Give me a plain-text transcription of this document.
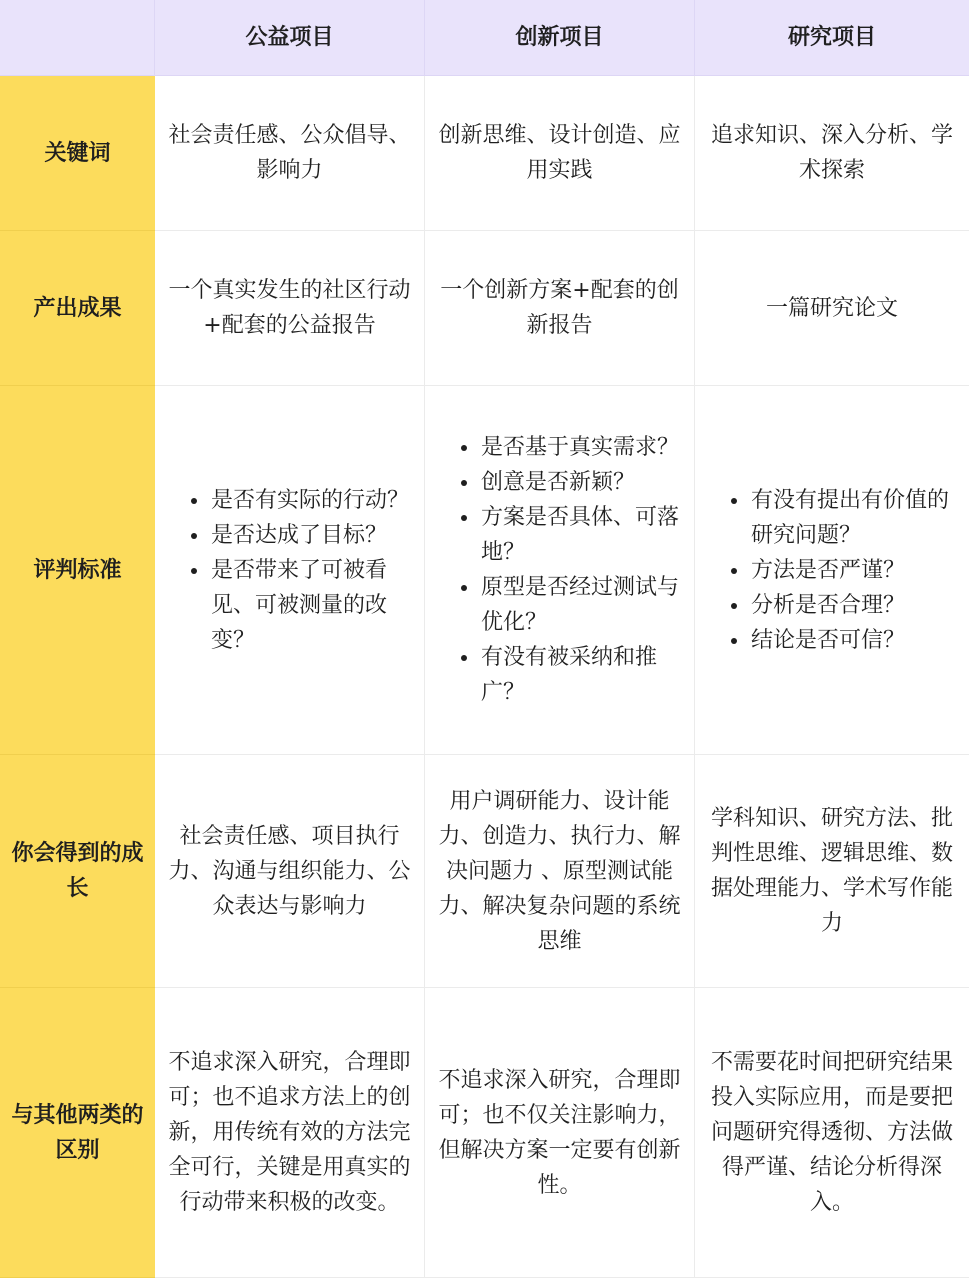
公益项目	创新项目	研究项目
关键词
社会责任感、公众倡导、影响力
创新思维、设计创造、应用实践
追求知识、深入分析、学术探索
产出成果
一个真实发生的社区行动+配套的公益报告
一个创新方案+配套的创新报告
一篇研究论文
评判标准
是否有实际的行动？
是否达成了目标？
是否带来了可被看见、可被测量的改变？
是否基于真实需求？
创意是否新颖？
方案是否具体、可落地？
原型是否经过测试与优化？
有没有被采纳和推广？
有没有提出有价值的研究问题？
方法是否严谨？
分析是否合理？
结论是否可信？
你会得到的成长
社会责任感、项目执行力、沟通与组织能力、公众表达与影响力
用户调研能力、设计能力、创造力、执行力、解决问题力 、原型测试能力、解决复杂问题的系统思维
学科知识、研究方法、批判性思维、逻辑思维、数据处理能力、学术写作能力
与其他两类的区别
不追求深入研究，合理即可；也不追求方法上的创新，用传统有效的方法完全可行，关键是用真实的行动带来积极的改变。
不追求深入研究，合理即可；也不仅关注影响力，但解决方案一定要有创新性。
不需要花时间把研究结果投入实际应用，而是要把问题研究得透彻、方法做得严谨、结论分析得深入。
